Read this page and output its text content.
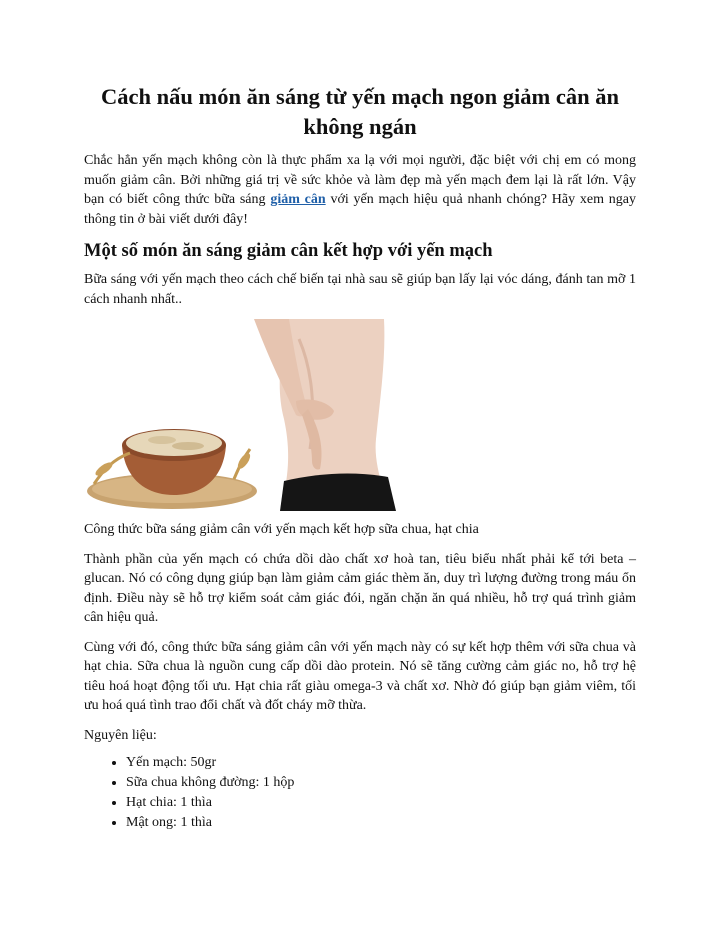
Cách nấu món ăn sáng từ yến mạch ngon giảm cân ăn không ngán

Chắc hẳn yến mạch không còn là thực phẩm xa lạ với mọi người, đặc biệt với chị em có mong muốn giảm cân. Bởi những giá trị về sức khỏe và làm đẹp mà yến mạch đem lại là rất lớn. Vậy bạn có biết công thức bữa sáng giảm cân với yến mạch hiệu quả nhanh chóng? Hãy xem ngay thông tin ở bài viết dưới đây!

Một số món ăn sáng giảm cân kết hợp với yến mạch

Bữa sáng với yến mạch theo cách chế biến tại nhà sau sẽ giúp bạn lấy lại vóc dáng, đánh tan mỡ 1 cách nhanh nhất..

Công thức bữa sáng giảm cân với yến mạch kết hợp sữa chua, hạt chia

Thành phần của yến mạch có chứa dồi dào chất xơ hoà tan, tiêu biểu nhất phải kể tới beta – glucan. Nó có công dụng giúp bạn làm giảm cảm giác thèm ăn, duy trì lượng đường trong máu ổn định. Điều này sẽ hỗ trợ kiểm soát cảm giác đói, ngăn chặn ăn quá nhiều, hỗ trợ quá trình giảm cân hiệu quả.

Cùng với đó, công thức bữa sáng giảm cân với yến mạch này có sự kết hợp thêm với sữa chua và hạt chia. Sữa chua là nguồn cung cấp dồi dào protein. Nó sẽ tăng cường cảm giác no, hỗ trợ hệ tiêu hoá hoạt động tối ưu. Hạt chia rất giàu omega-3 và chất xơ. Nhờ đó giúp bạn giảm viêm, tối ưu hoá quá tình trao đổi chất và đốt cháy mỡ thừa.

Nguyên liệu:

• Yến mạch: 50gr
• Sữa chua không đường: 1 hộp
• Hạt chia: 1 thìa
• Mật ong: 1 thìa
